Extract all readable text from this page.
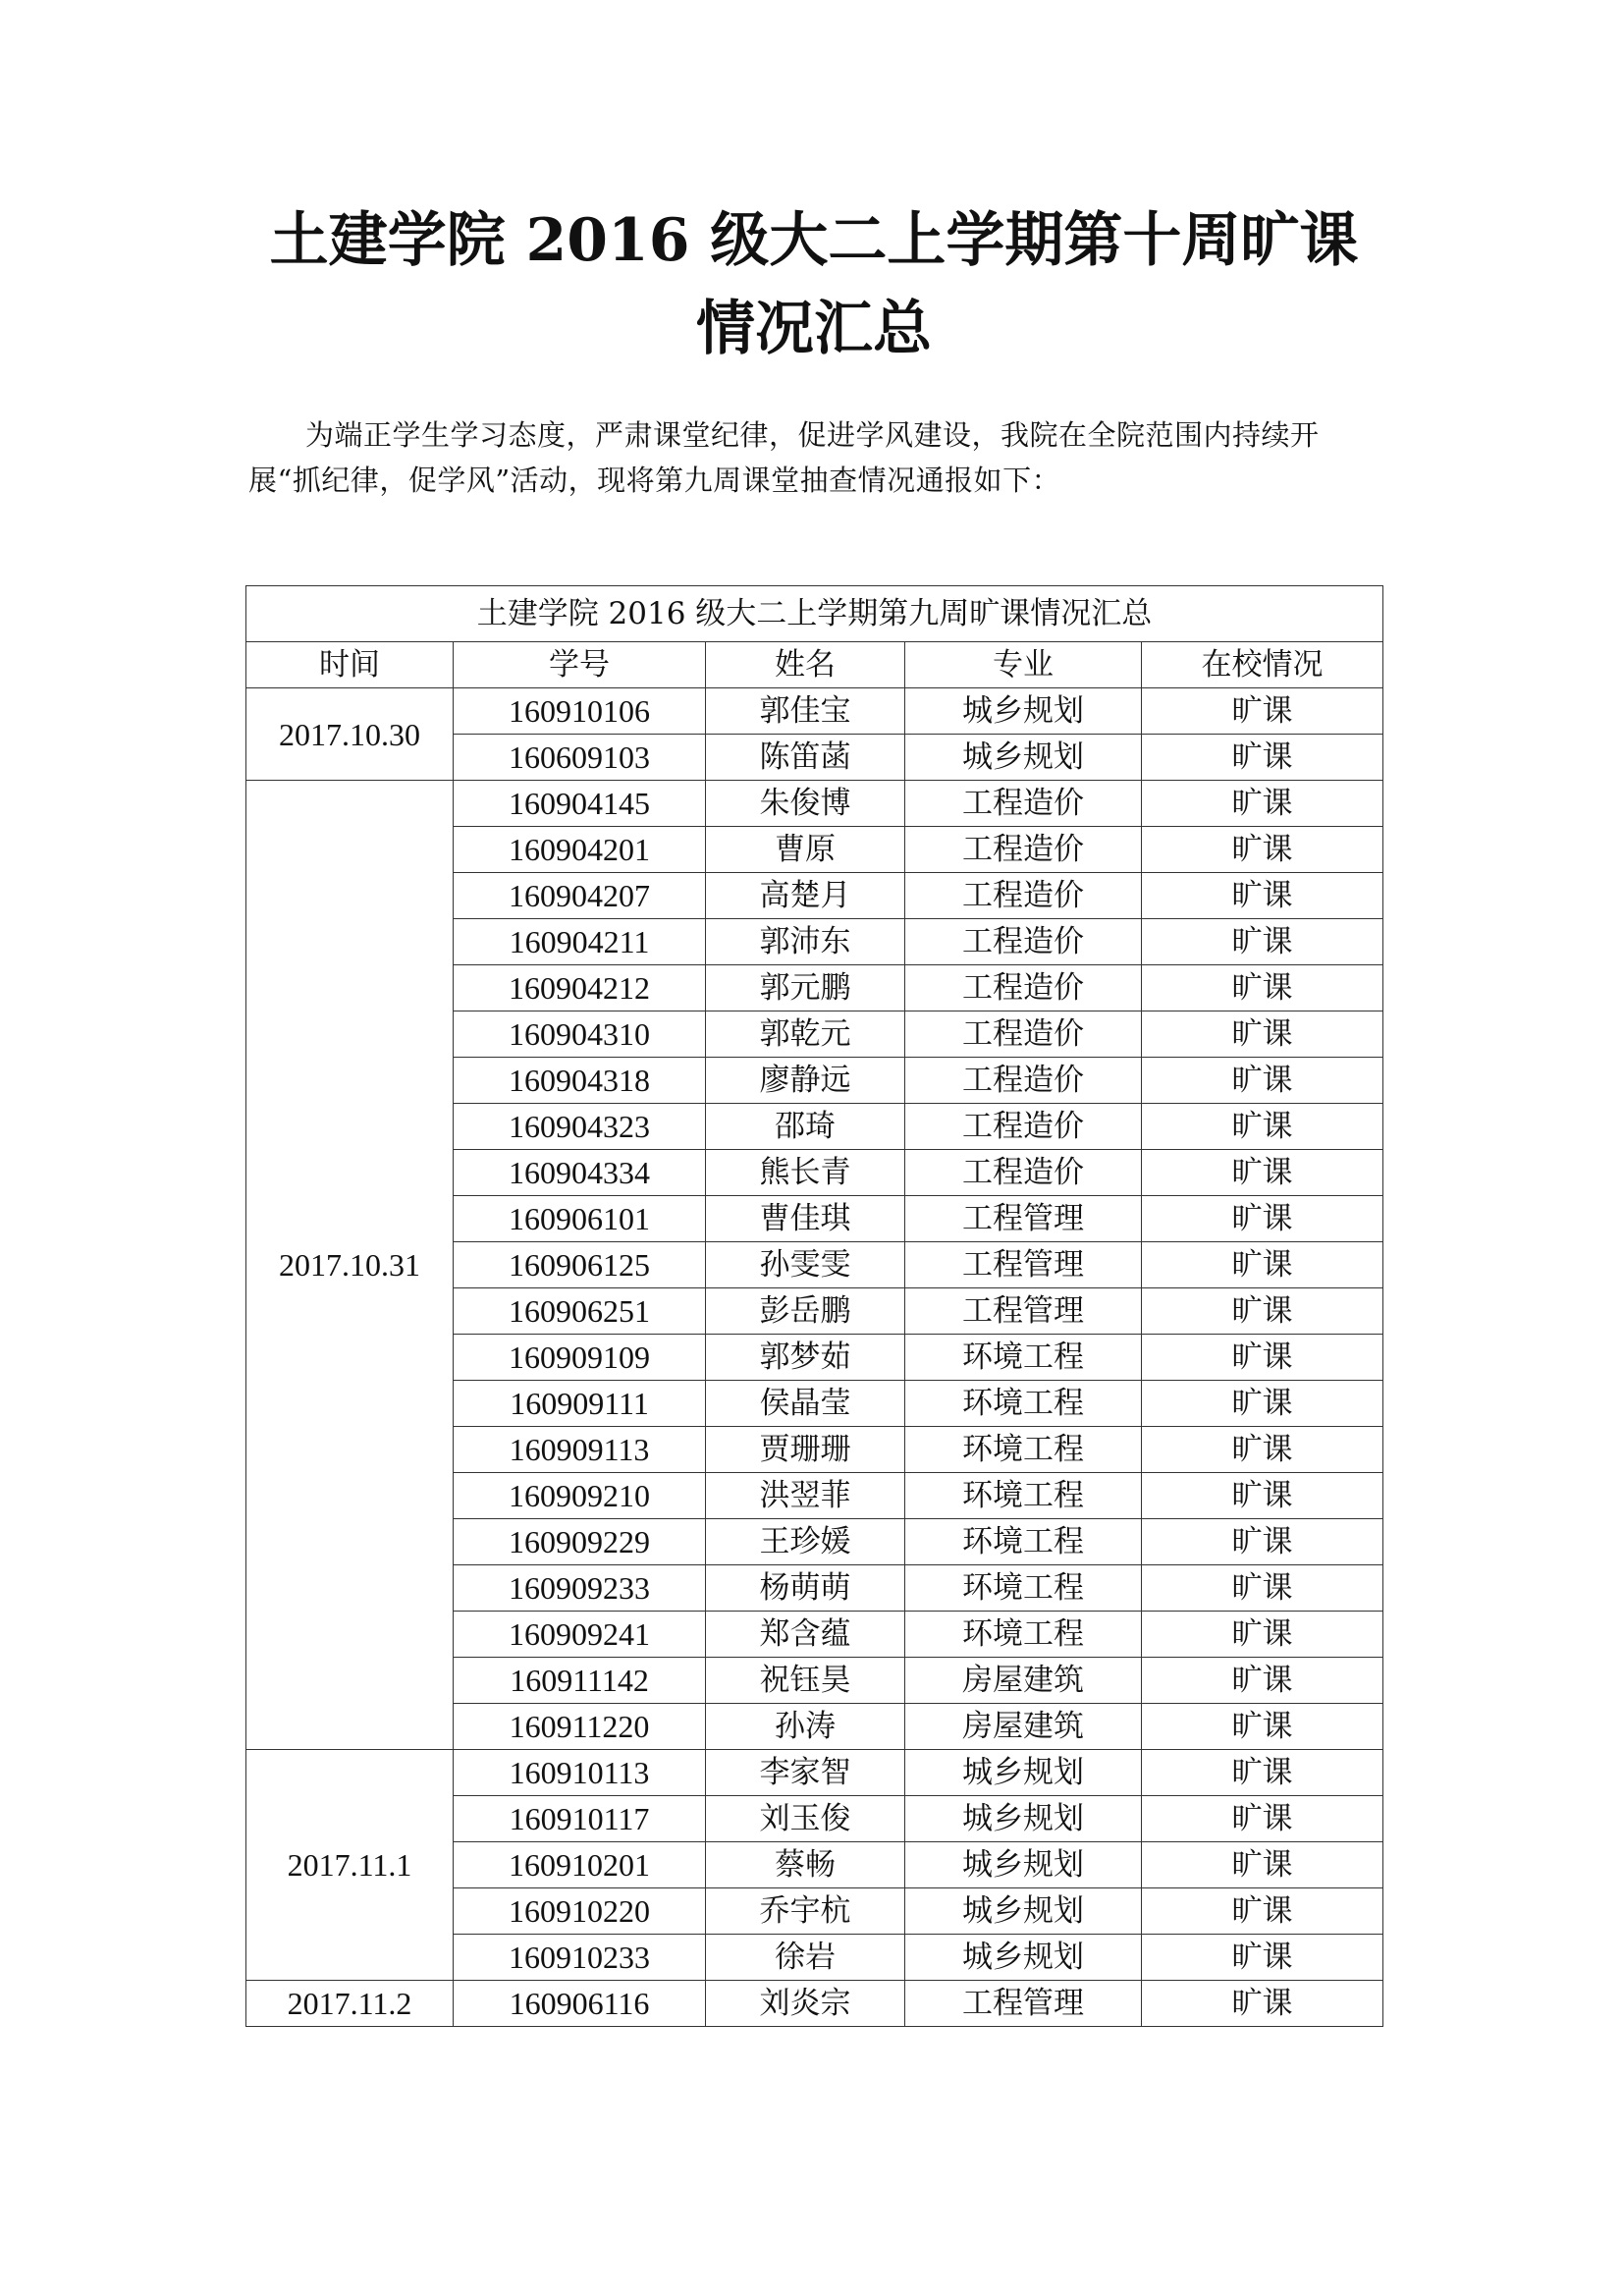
土建学院 2016 级大二上学期第十周旷课情况汇总
为端正学生学习态度，严肃课堂纪律，促进学风建设，我院在全院范围内持续开展“抓纪律，促学风”活动，现将第九周课堂抽查情况通报如下：
土建学院 2016 级大二上学期第九周旷课情况汇总				
时间	学号	姓名	专业	在校情况
2017.10.30	160910106	郭佳宝	城乡规划	旷课
	160609103	陈笛菡	城乡规划	旷课
2017.10.31	160904145	朱俊博	工程造价	旷课
	160904201	曹原	工程造价	旷课
	160904207	高楚月	工程造价	旷课
	160904211	郭沛东	工程造价	旷课
	160904212	郭元鹏	工程造价	旷课
	160904310	郭乾元	工程造价	旷课
	160904318	廖静远	工程造价	旷课
	160904323	邵琦	工程造价	旷课
	160904334	熊长青	工程造价	旷课
	160906101	曹佳琪	工程管理	旷课
	160906125	孙雯雯	工程管理	旷课
	160906251	彭岳鹏	工程管理	旷课
	160909109	郭梦茹	环境工程	旷课
	160909111	侯晶莹	环境工程	旷课
	160909113	贾珊珊	环境工程	旷课
	160909210	洪翌菲	环境工程	旷课
	160909229	王珍媛	环境工程	旷课
	160909233	杨萌萌	环境工程	旷课
	160909241	郑含蕴	环境工程	旷课
	160911142	祝钰昊	房屋建筑	旷课
	160911220	孙涛	房屋建筑	旷课
2017.11.1	160910113	李家智	城乡规划	旷课
	160910117	刘玉俊	城乡规划	旷课
	160910201	蔡畅	城乡规划	旷课
	160910220	乔宇杭	城乡规划	旷课
	160910233	徐岩	城乡规划	旷课
2017.11.2	160906116	刘炎宗	工程管理	旷课
